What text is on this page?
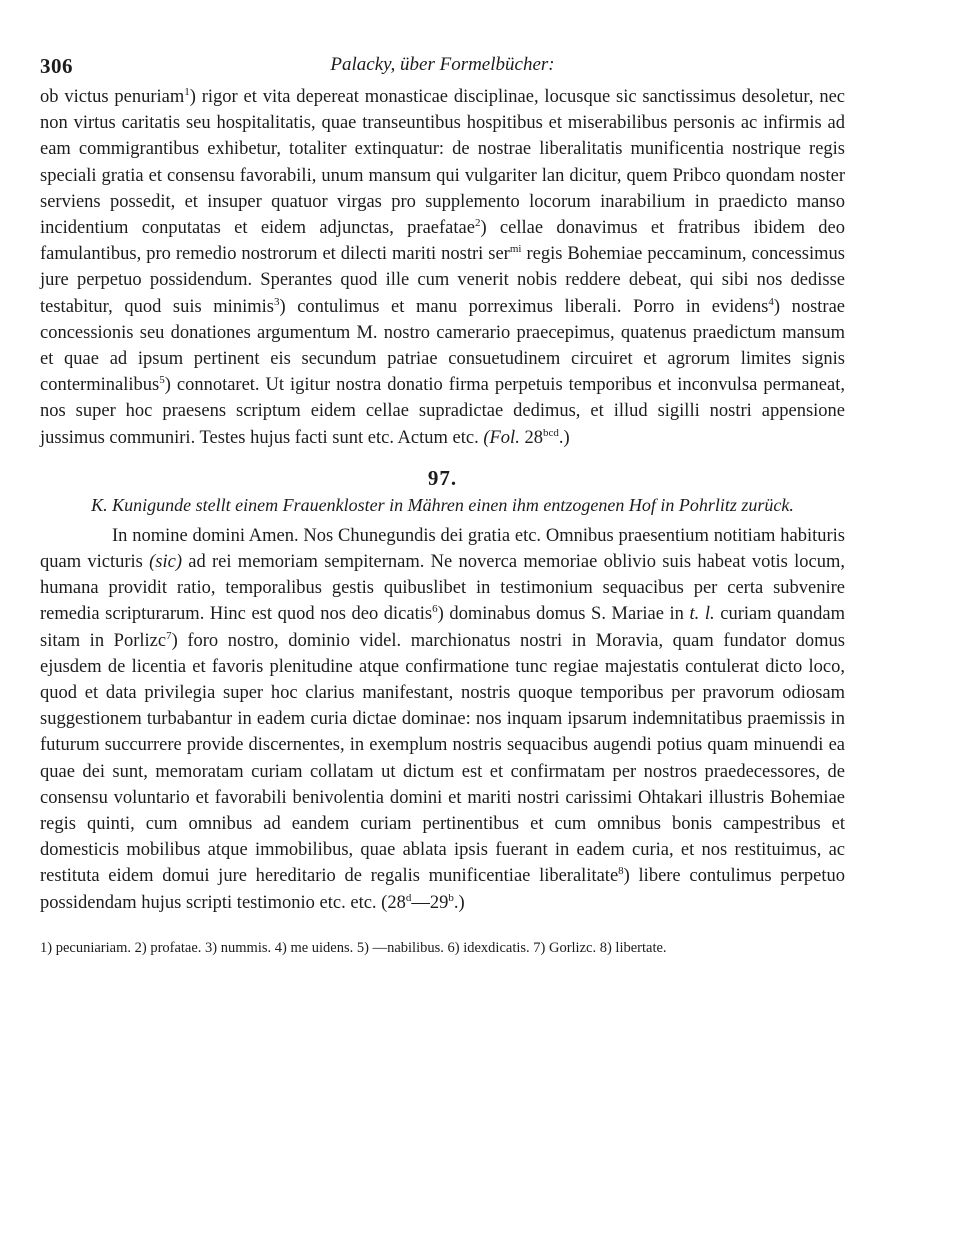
306	Palacky, über Formelbücher:

ob victus penuriam$^1$) rigor et vita depereat monasticae disciplinae, locusque sic sanctissimus desoletur, nec non virtus caritatis seu hospitalitatis, quae transeuntibus hospitibus et miserabilibus personis ac infirmis ad eam commigrantibus exhibetur, totaliter extinquatur: de nostrae liberalitatis munificentia nostrique regis speciali gratia et consensu favorabili, unum mansum qui vulgariter lan dicitur, quem Pribco quondam noster serviens possedit, et insuper quatuor virgas pro supplemento locorum inarabilium in praedicto manso incidentium conputatas et eidem adjunctas, praefatae$^2$) cellae donavimus et fratribus ibidem deo famulantibus, pro remedio nostrorum et dilecti mariti nostri ser$^{mi}$ regis Bohemiae peccaminum, concessimus jure perpetuo possidendum. Sperantes quod ille cum venerit nobis reddere debeat, qui sibi nos dedisse testabitur, quod suis minimis$^3$) contulimus et manu porreximus liberali. Porro in evidens$^4$) nostrae concessionis seu donationes argumentum M. nostro camerario praecepimus, quatenus praedictum mansum et quae ad ipsum pertinent eis secundum patriae consuetudinem circuiret et agrorum limites signis conterminalibus$^5$) connotaret. Ut igitur nostra donatio firma perpetuis temporibus et inconvulsa permaneat, nos super hoc praesens scriptum eidem cellae supradictae dedimus, et illud sigilli nostri appensione jussimus communiri. Testes hujus facti sunt etc. Actum etc. (Fol. $28^{bcd}$.)

97.
K. Kunigunde stellt einem Frauenkloster in Mähren einen ihm entzogenen Hof in Pohrlitz zurück.

In nomine domini Amen. Nos Chunegundis dei gratia etc. Omnibus praesentium notitiam habituris quam victuris (sic) ad rei memoriam sempiternam. Ne noverca memoriae oblivio suis habeat votis locum, humana providit ratio, temporalibus gestis quibuslibet in testimonium sequacibus per certa subvenire remedia scripturarum. Hinc est quod nos deo dicatis$^6$) dominabus domus S. Mariae in t. l. curiam quandam sitam in Porlizc$^7$) foro nostro, dominio videl. marchionatus nostri in Moravia, quam fundator domus ejusdem de licentia et favoris plenitudine atque confirmatione tunc regiae majestatis contulerat dicto loco, quod et data privilegia super hoc clarius manifestant, nostris quoque temporibus per pravorum odiosam suggestionem turbabantur in eadem curia dictae dominae: nos inquam ipsarum indemnitatibus praemissis in futurum succurrere provide discernentes, in exemplum nostris sequacibus augendi potius quam minuendi ea quae dei sunt, memoratam curiam collatam ut dictum est et confirmatam per nostros praedecessores, de consensu voluntario et favorabili benivolentia domini et mariti nostri carissimi Ohtakari illustris Bohemiae regis quinti, cum omnibus ad eandem curiam pertinentibus et cum omnibus bonis campestribus et domesticis mobilibus atque immobilibus, quae ablata ipsis fuerant in eadem curia, et nos restituimus, ac restituta eidem domui jure hereditario de regalis munificentiae liberalitate$^8$) libere contulimus perpetuo possidendam hujus scripti testimonio etc. etc. (28$^d$—29$^b$.)

1) pecuniariam. 2) profatae. 3) nummis. 4) me uidens. 5) —nabilibus. 6) idexdicatis. 7) Gorlizc. 8) libertate.
